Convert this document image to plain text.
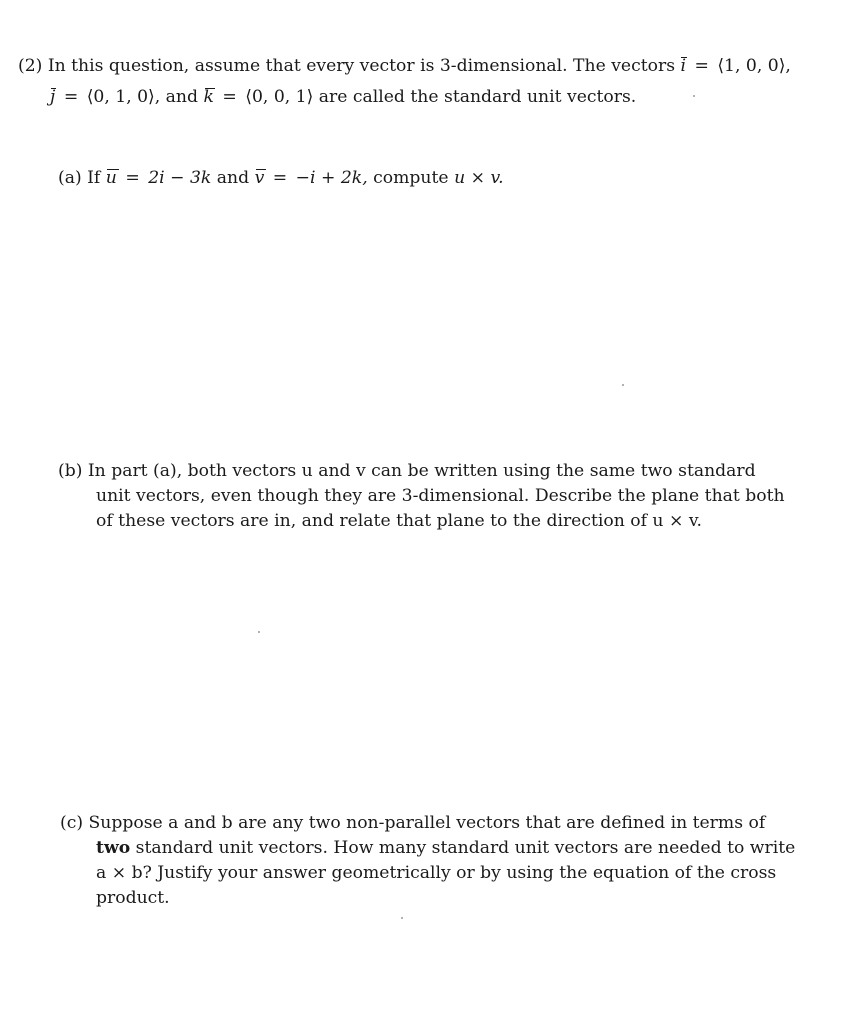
(2) In this question, assume that every vector is 3-dimensional. The vectors i = ⟨1, 0, 0⟩,
j = ⟨0, 1, 0⟩, and k = ⟨0, 0, 1⟩ are called the standard unit vectors.
(a) If u = 2i − 3k and v = −i + 2k, compute u × v.
(b) In part (a), both vectors u and v can be written using the same two standard
unit vectors, even though they are 3-dimensional. Describe the plane that both
of these vectors are in, and relate that plane to the direction of u × v.
(c) Suppose a and b are any two non-parallel vectors that are defined in terms of
two standard unit vectors. How many standard unit vectors are needed to write
a × b? Justify your answer geometrically or by using the equation of the cross
product.
